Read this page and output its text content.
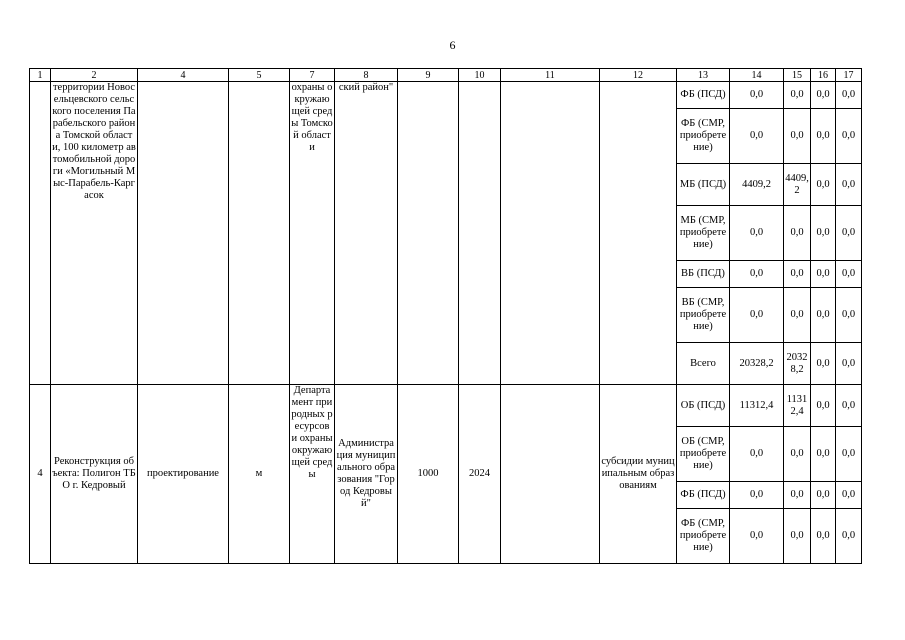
6
1	2	4	5	7	8	9	10	11	12	13	14	15	16	17
	территории Новосельцевского сельского поселения Парабельского района Томской области, 100 километр автомобильной дороги «Могильный Мыс-Парабель-Каргасок			охраны окружающей среды Томской области	ский район"					ФБ (ПСД)	0,0	0,0	0,0	0,0
										ФБ (СМР, приобретение)	0,0	0,0	0,0	0,0
										МБ (ПСД)	4409,2	4409,2	0,0	0,0
										МБ (СМР, приобретение)	0,0	0,0	0,0	0,0
										ВБ (ПСД)	0,0	0,0	0,0	0,0
										ВБ (СМР, приобретение)	0,0	0,0	0,0	0,0
										Всего	20328,2	20328,2	0,0	0,0
4	Реконструкция объекта: Полигон ТБО г. Кедровый	проектирование	м	Департамент природных ресурсов и охраны окружающей среды	Администрация муниципального образования "Город Кедровый"	1000	2024		субсидии муниципальным образованиям	ОБ (ПСД)	11312,4	11312,4	0,0	0,0
										ОБ (СМР, приобретение)	0,0	0,0	0,0	0,0
										ФБ (ПСД)	0,0	0,0	0,0	0,0
										ФБ (СМР, приобретение)	0,0	0,0	0,0	0,0
